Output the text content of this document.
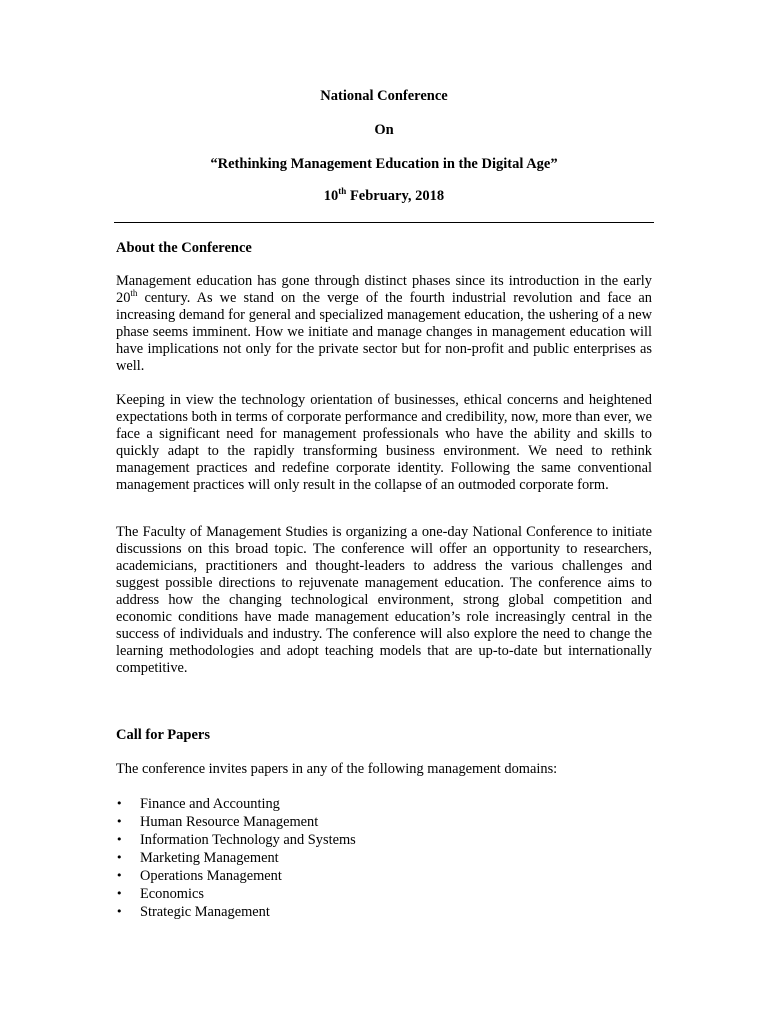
National Conference
On
“Rethinking Management Education in the Digital Age”
10th February, 2018
About the Conference
Management education has gone through distinct phases since its introduction in the early 20th century. As we stand on the verge of the fourth industrial revolution and face an increasing demand for general and specialized management education, the ushering of a new phase seems imminent. How we initiate and manage changes in management education will have implications not only for the private sector but for non-profit and public enterprises as well.
Keeping in view the technology orientation of businesses, ethical concerns and heightened expectations both in terms of corporate performance and credibility, now, more than ever, we face a significant need for management professionals who have the ability and skills to quickly adapt to the rapidly transforming business environment. We need to rethink management practices and redefine corporate identity. Following the same conventional management practices will only result in the collapse of an outmoded corporate form.
The Faculty of Management Studies is organizing a one-day National Conference to initiate discussions on this broad topic. The conference will offer an opportunity to researchers, academicians, practitioners and thought-leaders to address the various challenges and suggest possible directions to rejuvenate management education. The conference aims to address how the changing technological environment, strong global competition and economic conditions have made management education’s role increasingly central in the success of individuals and industry. The conference will also explore the need to change the learning methodologies and adopt teaching models that are up-to-date but internationally competitive.
Call for Papers
The conference invites papers in any of the following management domains:
• Finance and Accounting
• Human Resource Management
• Information Technology and Systems
• Marketing Management
• Operations Management
• Economics
• Strategic Management
